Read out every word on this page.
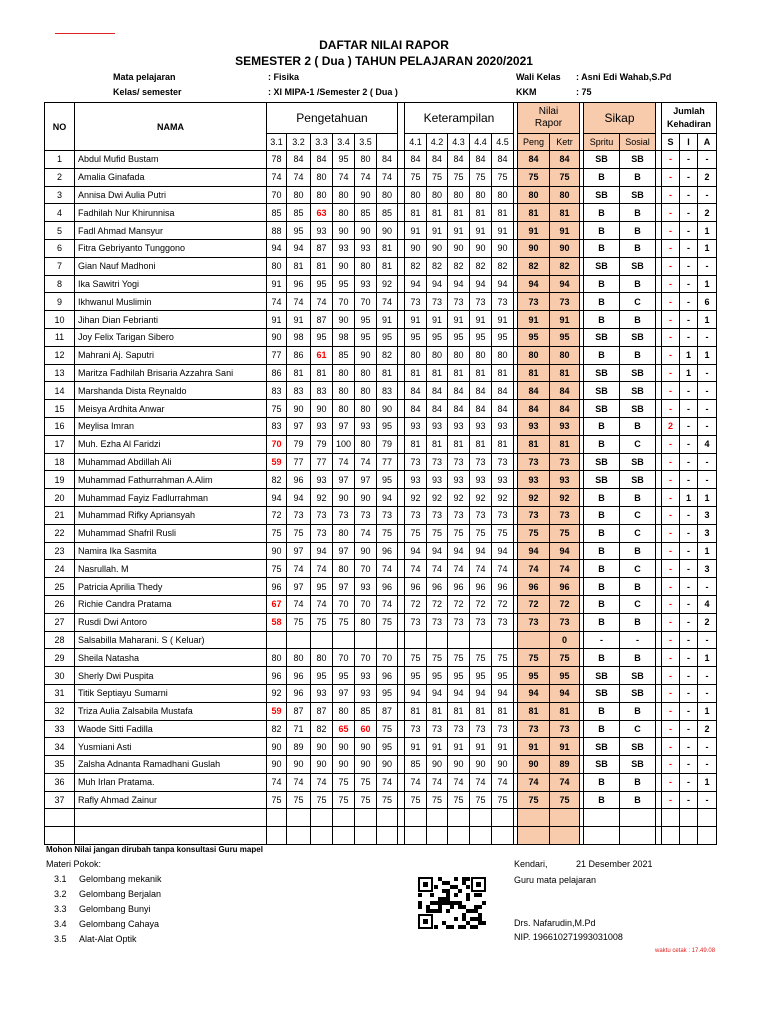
DAFTAR NILAI RAPOR
SEMESTER 2 ( Dua ) TAHUN PELAJARAN 2020/2021
Mata pelajaran	: Fisika
Kelas/ semester	: XI MIPA-1 /Semester 2 ( Dua )
Wali Kelas : Asni Edi Wahab,S.Pd
KKM	: 75
NO	NAMA	Pengetahuan							Keterampilan						Nilai
Rapor			Sikap			Jumlah
Kehadiran		
		3.1	3.2	3.3	3.4	3.5			4.1	4.2	4.3	4.4	4.5		Peng	Ketr		Spritu	Sosial		S	I	A
1	Abdul Mufid Bustam	78	84	84	95	80	84		84	84	84	84	84		84	84		SB	SB		-	-	-
2	Amalia Ginafada	74	74	80	74	74	74		75	75	75	75	75		75	75		B	B		-	-	2
3	Annisa Dwi Aulia Putri	70	80	80	80	90	80		80	80	80	80	80		80	80		SB	SB		-	-	-
4	Fadhilah Nur Khirunnisa	85	85	63	80	85	85		81	81	81	81	81		81	81		B	B		-	-	2
5	Fadl Ahmad Mansyur	88	95	93	90	90	90		91	91	91	91	91		91	91		B	B		-	-	1
6	Fitra Gebriyanto Tunggono	94	94	87	93	93	81		90	90	90	90	90		90	90		B	B		-	-	1
7	Gian Nauf Madhoni	80	81	81	90	80	81		82	82	82	82	82		82	82		SB	SB		-	-	-
8	Ika Sawitri Yogi	91	96	95	95	93	92		94	94	94	94	94		94	94		B	B		-	-	1
9	Ikhwanul Muslimin	74	74	74	70	70	74		73	73	73	73	73		73	73		B	C		-	-	6
10	Jihan Dian Febrianti	91	91	87	90	95	91		91	91	91	91	91		91	91		B	B		-	-	1
11	Joy Felix Tarigan Sibero	90	98	95	98	95	95		95	95	95	95	95		95	95		SB	SB		-	-	-
12	Mahrani Aj. Saputri	77	86	61	85	90	82		80	80	80	80	80		80	80		B	B		-	1	1
13	Maritza Fadhilah Brisaria Azzahra Sani	86	81	81	80	80	81		81	81	81	81	81		81	81		SB	SB		-	1	-
14	Marshanda Dista Reynaldo	83	83	83	80	80	83		84	84	84	84	84		84	84		SB	SB		-	-	-
15	Meisya Ardhita Anwar	75	90	90	80	80	90		84	84	84	84	84		84	84		SB	SB		-	-	-
16	Meylisa Imran	83	97	93	97	93	95		93	93	93	93	93		93	93		B	B		2	-	-
17	Muh. Ezha Al Faridzi	70	79	79	100	80	79		81	81	81	81	81		81	81		B	C		-	-	4
18	Muhammad Abdillah Ali	59	77	77	74	74	77		73	73	73	73	73		73	73		SB	SB		-	-	-
19	Muhammad Fathurrahman A.Alim	82	96	93	97	97	95		93	93	93	93	93		93	93		SB	SB		-	-	-
20	Muhammad Fayiz Fadlurrahman	94	94	92	90	90	94		92	92	92	92	92		92	92		B	B		-	1	1
21	Muhammad Rifky Apriansyah	72	73	73	73	73	73		73	73	73	73	73		73	73		B	C		-	-	3
22	Muhammad Shafril Rusli	75	75	73	80	74	75		75	75	75	75	75		75	75		B	C		-	-	3
23	Namira Ika Sasmita	90	97	94	97	90	96		94	94	94	94	94		94	94		B	B		-	-	1
24	Nasrullah. M	75	74	74	80	70	74		74	74	74	74	74		74	74		B	C		-	-	3
25	Patricia Aprilia Thedy	96	97	95	97	93	96		96	96	96	96	96		96	96		B	B		-	-	-
26	Richie Candra Pratama	67	74	74	70	70	74		72	72	72	72	72		72	72		B	C		-	-	4
27	Rusdi Dwi Antoro	58	75	75	75	80	75		73	73	73	73	73		73	73		B	B		-	-	2
28	Salsabilla Maharani. S ( Keluar)															0		-	-		-	-	-
29	Sheila Natasha	80	80	80	70	70	70		75	75	75	75	75		75	75		B	B		-	-	1
30	Sherly Dwi Puspita	96	96	95	95	93	96		95	95	95	95	95		95	95		SB	SB		-	-	-
31	Titik Septiayu Sumarni	92	96	93	97	93	95		94	94	94	94	94		94	94		SB	SB		-	-	-
32	Triza Aulia Zalsabila Mustafa	59	87	87	80	85	87		81	81	81	81	81		81	81		B	B		-	-	1
33	Waode Sitti Fadilla	82	71	82	65	60	75		73	73	73	73	73		73	73		B	C		-	-	2
34	Yusmiani Asti	90	89	90	90	90	95		91	91	91	91	91		91	91		SB	SB		-	-	-
35	Zalsha Adnanta Ramadhani Guslah	90	90	90	90	90	90		85	90	90	90	90		90	89		SB	SB		-	-	-
36	Muh Irlan Pratama.	74	74	74	75	75	74		74	74	74	74	74		74	74		B	B		-	-	1
37	Rafly Ahmad Zainur	75	75	75	75	75	75		75	75	75	75	75		75	75		B	B		-	-	-

Mohon Nilai jangan dirubah tanpa konsultasi Guru mapel
Materi Pokok:
3.1 Gelombang mekanik
3.2 Gelombang Berjalan
3.3 Gelombang Bunyi
3.4 Gelombang Cahaya
3.5 Alat-Alat Optik
Kendari,	21 Desember 2021
Guru mata pelajaran
Drs. Nafarudin,M.Pd
NIP. 196610271993031008
waktu cetak : 17.49.08
